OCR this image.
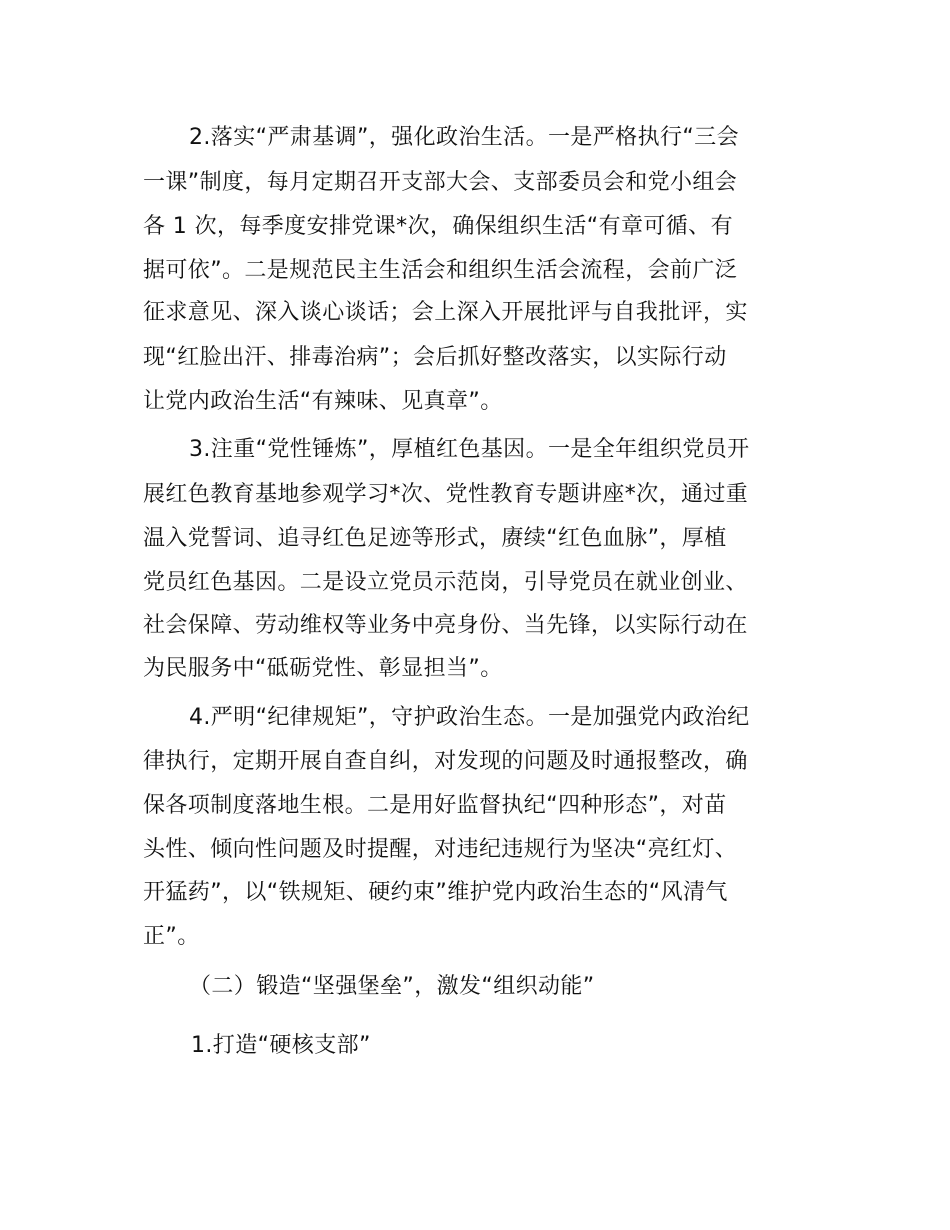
2.落实“严肃基调”，强化政治生活。一是严格执行“三会
一课”制度，每月定期召开支部大会、支部委员会和党小组会
各 1 次，每季度安排党课*次，确保组织生活“有章可循、有
据可依”。二是规范民主生活会和组织生活会流程，会前广泛
征求意见、深入谈心谈话；会上深入开展批评与自我批评，实
现“红脸出汗、排毒治病”；会后抓好整改落实，以实际行动
让党内政治生活“有辣味、见真章”。
3.注重“党性锤炼”，厚植红色基因。一是全年组织党员开
展红色教育基地参观学习*次、党性教育专题讲座*次，通过重
温入党誓词、追寻红色足迹等形式，赓续“红色血脉”，厚植
党员红色基因。二是设立党员示范岗，引导党员在就业创业、
社会保障、劳动维权等业务中亮身份、当先锋，以实际行动在
为民服务中“砥砺党性、彰显担当”。
4.严明“纪律规矩”，守护政治生态。一是加强党内政治纪
律执行，定期开展自查自纠，对发现的问题及时通报整改，确
保各项制度落地生根。二是用好监督执纪“四种形态”，对苗
头性、倾向性问题及时提醒，对违纪违规行为坚决“亮红灯、
开猛药”，以“铁规矩、硬约束”维护党内政治生态的“风清气
正”。
（二）锻造“坚强堡垒”，激发“组织动能”
1.打造“硬核支部”
